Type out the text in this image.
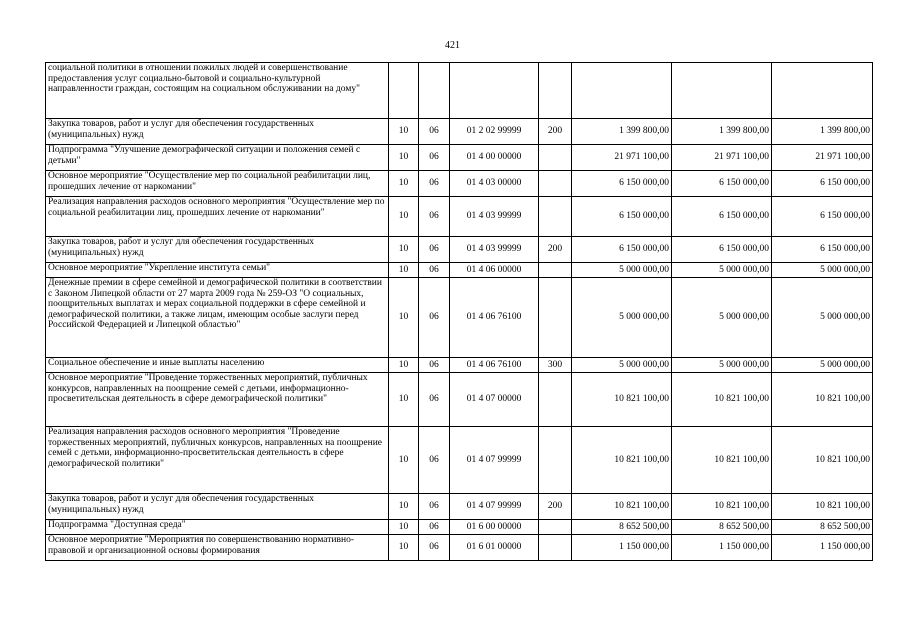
421
социальной политики в отношении пожилых людей и совершенствование предоставления услуг социально-бытовой и социально-культурной направленности граждан, состоящим на социальном обслуживании на дому"							
Закупка товаров, работ и услуг для обеспечения государственных (муниципальных) нужд	10	06	01 2 02 99999	200	1 399 800,00	1 399 800,00	1 399 800,00
Подпрограмма "Улучшение демографической ситуации и положения семей с детьми"	10	06	01 4 00 00000		21 971 100,00	21 971 100,00	21 971 100,00
Основное мероприятие "Осуществление мер по социальной реабилитации лиц, прошедших лечение от наркомании"	10	06	01 4 03 00000		6 150 000,00	6 150 000,00	6 150 000,00
Реализация направления расходов основного мероприятия "Осуществление мер по социальной реабилитации лиц, прошедших лечение от наркомании"	10	06	01 4 03 99999		6 150 000,00	6 150 000,00	6 150 000,00
Закупка товаров, работ и услуг для обеспечения государственных (муниципальных) нужд	10	06	01 4 03 99999	200	6 150 000,00	6 150 000,00	6 150 000,00
Основное мероприятие "Укрепление института семьи"	10	06	01 4 06 00000		5 000 000,00	5 000 000,00	5 000 000,00
Денежные премии в сфере семейной и демографической политики в соответствии с Законом Липецкой области от 27 марта 2009 года № 259-ОЗ "О социальных, поощрительных выплатах и мерах социальной поддержки в сфере семейной и демографической политики, а также лицам, имеющим особые заслуги перед Российской Федерацией и Липецкой областью"	10	06	01 4 06 76100		5 000 000,00	5 000 000,00	5 000 000,00
Социальное обеспечение и иные выплаты населению	10	06	01 4 06 76100	300	5 000 000,00	5 000 000,00	5 000 000,00
Основное мероприятие "Проведение торжественных мероприятий, публичных конкурсов, направленных на поощрение семей с детьми, информационно-просветительская деятельность в сфере демографической политики"	10	06	01 4 07 00000		10 821 100,00	10 821 100,00	10 821 100,00
Реализация направления расходов основного мероприятия "Проведение торжественных мероприятий, публичных конкурсов, направленных на поощрение семей с детьми, информационно-просветительская деятельность в сфере демографической политики"	10	06	01 4 07 99999		10 821 100,00	10 821 100,00	10 821 100,00
Закупка товаров, работ и услуг для обеспечения государственных (муниципальных) нужд	10	06	01 4 07 99999	200	10 821 100,00	10 821 100,00	10 821 100,00
Подпрограмма "Доступная среда"	10	06	01 6 00 00000		8 652 500,00	8 652 500,00	8 652 500,00
Основное мероприятие "Мероприятия по совершенствованию нормативно-правовой и организационной основы формирования	10	06	01 6 01 00000		1 150 000,00	1 150 000,00	1 150 000,00
